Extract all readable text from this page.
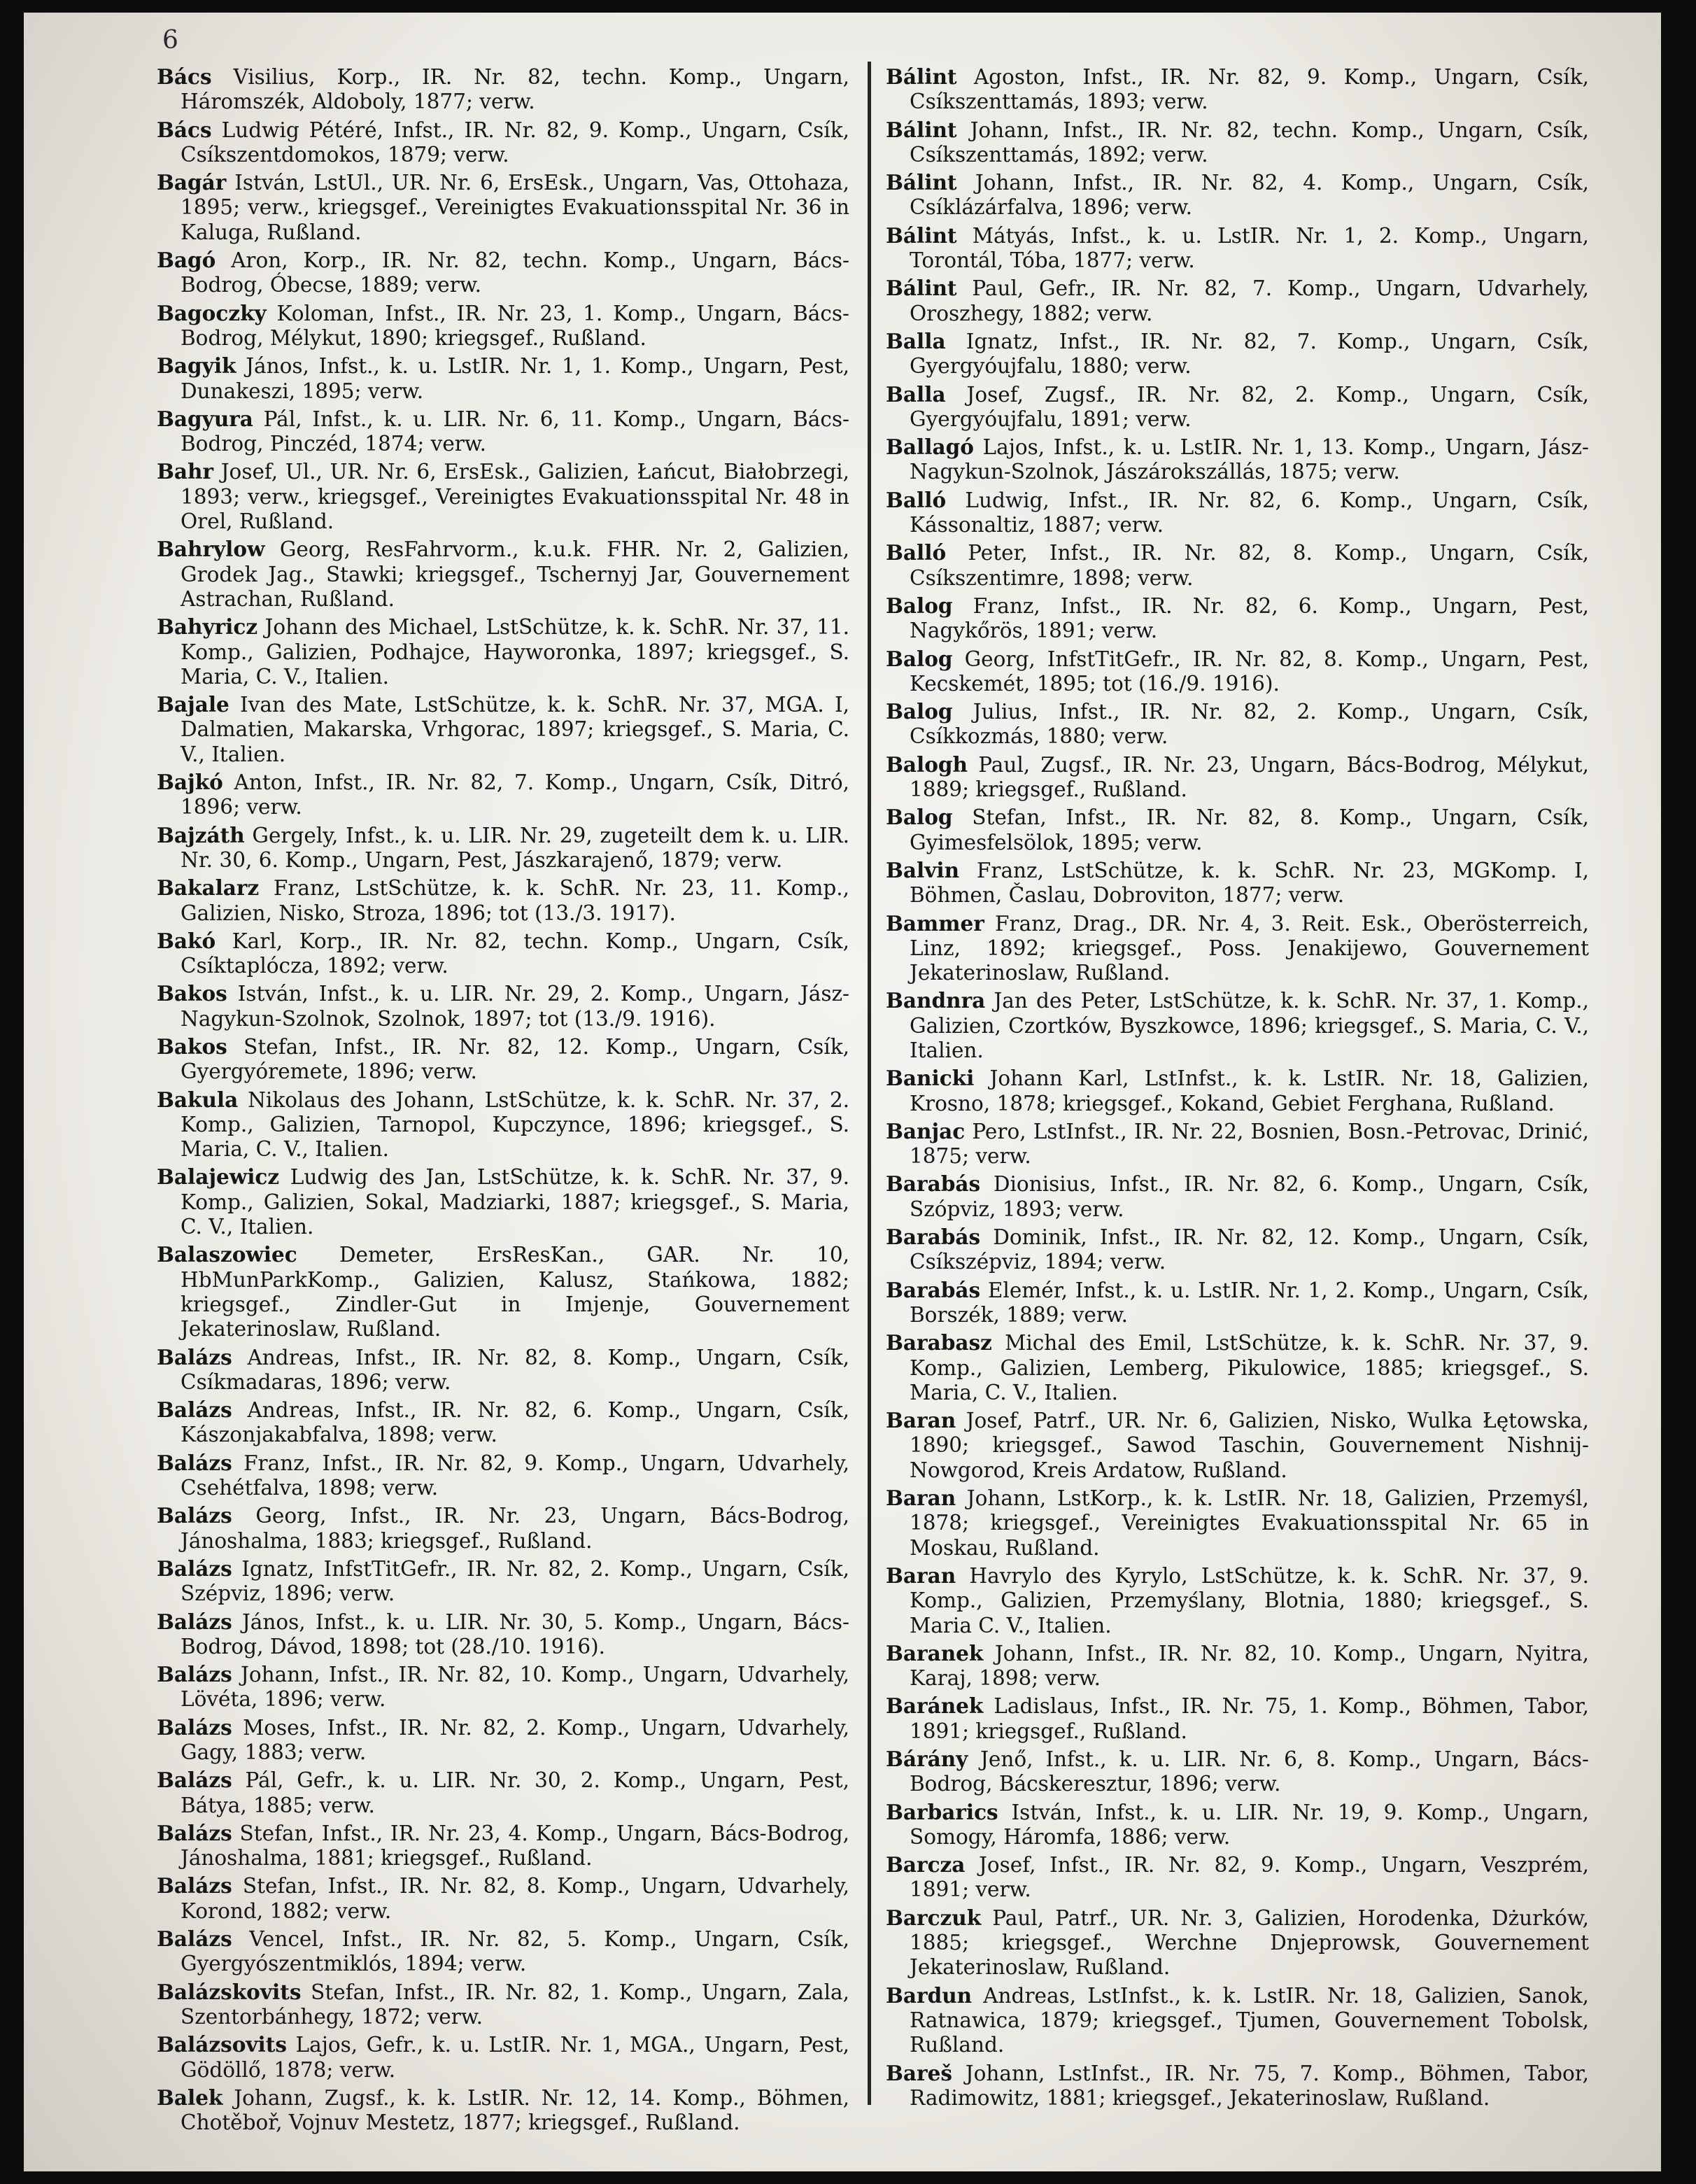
6

Bács Visilius, Korp., IR. Nr. 82, techn. Komp., Ungarn, Háromszék, Aldoboly, 1877; verw.

Bács Ludwig Pétéré, Infst., IR. Nr. 82, 9. Komp., Ungarn, Csík, Csíkszentdomokos, 1879; verw.

Bagár István, LstUl., UR. Nr. 6, ErsEsk., Ungarn, Vas, Ottohaza, 1895; verw., kriegsgef., Vereinigtes Evakuationsspital Nr. 36 in Kaluga, Rußland.

Bagó Aron, Korp., IR. Nr. 82, techn. Komp., Ungarn, Bács-Bodrog, Óbecse, 1889; verw.

Bagoczky Koloman, Infst., IR. Nr. 23, 1. Komp., Ungarn, Bács-Bodrog, Mélykut, 1890; kriegsgef., Rußland.

Bagyik János, Infst., k. u. LstIR. Nr. 1, 1. Komp., Ungarn, Pest, Dunakeszi, 1895; verw.

Bagyura Pál, Infst., k. u. LIR. Nr. 6, 11. Komp., Ungarn, Bács-Bodrog, Pinczéd, 1874; verw.

Bahr Josef, Ul., UR. Nr. 6, ErsEsk., Galizien, Łańcut, Białobrzegi, 1893; verw., kriegsgef., Vereinigtes Evakuationsspital Nr. 48 in Orel, Rußland.

Bahrylow Georg, ResFahrvorm., k.u.k. FHR. Nr. 2, Galizien, Grodek Jag., Stawki; kriegsgef., Tschernyj Jar, Gouvernement Astrachan, Rußland.

Bahyricz Johann des Michael, LstSchütze, k. k. SchR. Nr. 37, 11. Komp., Galizien, Podhajce, Hayworonka, 1897; kriegsgef., S. Maria, C. V., Italien.

Bajale Ivan des Mate, LstSchütze, k. k. SchR. Nr. 37, MGA. I, Dalmatien, Makarska, Vrhgorac, 1897; kriegsgef., S. Maria, C. V., Italien.

Bajkó Anton, Infst., IR. Nr. 82, 7. Komp., Ungarn, Csík, Ditró, 1896; verw.

Bajzáth Gergely, Infst., k. u. LIR. Nr. 29, zugeteilt dem k. u. LIR. Nr. 30, 6. Komp., Ungarn, Pest, Jászkarajenő, 1879; verw.

Bakalarz Franz, LstSchütze, k. k. SchR. Nr. 23, 11. Komp., Galizien, Nisko, Stroza, 1896; tot (13./3. 1917).

Bakó Karl, Korp., IR. Nr. 82, techn. Komp., Ungarn, Csík, Csíktaplócza, 1892; verw.

Bakos István, Infst., k. u. LIR. Nr. 29, 2. Komp., Ungarn, Jász-Nagykun-Szolnok, Szolnok, 1897; tot (13./9. 1916).

Bakos Stefan, Infst., IR. Nr. 82, 12. Komp., Ungarn, Csík, Gyergyóremete, 1896; verw.

Bakula Nikolaus des Johann, LstSchütze, k. k. SchR. Nr. 37, 2. Komp., Galizien, Tarnopol, Kupczynce, 1896; kriegsgef., S. Maria, C. V., Italien.

Balajewicz Ludwig des Jan, LstSchütze, k. k. SchR. Nr. 37, 9. Komp., Galizien, Sokal, Madziarki, 1887; kriegsgef., S. Maria, C. V., Italien.

Balaszowiec Demeter, ErsResKan., GAR. Nr. 10, HbMunParkKomp., Galizien, Kalusz, Stańkowa, 1882; kriegsgef., Zindler-Gut in Imjenje, Gouvernement Jekaterinoslaw, Rußland.

Balázs Andreas, Infst., IR. Nr. 82, 8. Komp., Ungarn, Csík, Csíkmadaras, 1896; verw.

Balázs Andreas, Infst., IR. Nr. 82, 6. Komp., Ungarn, Csík, Kászonjakabfalva, 1898; verw.

Balázs Franz, Infst., IR. Nr. 82, 9. Komp., Ungarn, Udvarhely, Csehétfalva, 1898; verw.

Balázs Georg, Infst., IR. Nr. 23, Ungarn, Bács-Bodrog, Jánoshalma, 1883; kriegsgef., Rußland.

Balázs Ignatz, InfstTitGefr., IR. Nr. 82, 2. Komp., Ungarn, Csík, Szépviz, 1896; verw.

Balázs János, Infst., k. u. LIR. Nr. 30, 5. Komp., Ungarn, Bács-Bodrog, Dávod, 1898; tot (28./10. 1916).

Balázs Johann, Infst., IR. Nr. 82, 10. Komp., Ungarn, Udvarhely, Lövéta, 1896; verw.

Balázs Moses, Infst., IR. Nr. 82, 2. Komp., Ungarn, Udvarhely, Gagy, 1883; verw.

Balázs Pál, Gefr., k. u. LIR. Nr. 30, 2. Komp., Ungarn, Pest, Bátya, 1885; verw.

Balázs Stefan, Infst., IR. Nr. 23, 4. Komp., Ungarn, Bács-Bodrog, Jánoshalma, 1881; kriegsgef., Rußland.

Balázs Stefan, Infst., IR. Nr. 82, 8. Komp., Ungarn, Udvarhely, Korond, 1882; verw.

Balázs Vencel, Infst., IR. Nr. 82, 5. Komp., Ungarn, Csík, Gyergyószentmiklós, 1894; verw.

Balázskovits Stefan, Infst., IR. Nr. 82, 1. Komp., Ungarn, Zala, Szentorbánhegy, 1872; verw.

Balázsovits Lajos, Gefr., k. u. LstIR. Nr. 1, MGA., Ungarn, Pest, Gödöllő, 1878; verw.

Balek Johann, Zugsf., k. k. LstIR. Nr. 12, 14. Komp., Böhmen, Chotěboř, Vojnuv Mestetz, 1877; kriegsgef., Rußland.

Bálint Agoston, Infst., IR. Nr. 82, 9. Komp., Ungarn, Csík, Csíkszenttamás, 1893; verw.

Bálint Johann, Infst., IR. Nr. 82, techn. Komp., Ungarn, Csík, Csíkszenttamás, 1892; verw.

Bálint Johann, Infst., IR. Nr. 82, 4. Komp., Ungarn, Csík, Csíklázárfalva, 1896; verw.

Bálint Mátyás, Infst., k. u. LstIR. Nr. 1, 2. Komp., Ungarn, Torontál, Tóba, 1877; verw.

Bálint Paul, Gefr., IR. Nr. 82, 7. Komp., Ungarn, Udvarhely, Oroszhegy, 1882; verw.

Balla Ignatz, Infst., IR. Nr. 82, 7. Komp., Ungarn, Csík, Gyergyóujfalu, 1880; verw.

Balla Josef, Zugsf., IR. Nr. 82, 2. Komp., Ungarn, Csík, Gyergyóujfalu, 1891; verw.

Ballagó Lajos, Infst., k. u. LstIR. Nr. 1, 13. Komp., Ungarn, Jász-Nagykun-Szolnok, Jászárokszállás, 1875; verw.

Balló Ludwig, Infst., IR. Nr. 82, 6. Komp., Ungarn, Csík, Kássonaltiz, 1887; verw.

Balló Peter, Infst., IR. Nr. 82, 8. Komp., Ungarn, Csík, Csíkszentimre, 1898; verw.

Balog Franz, Infst., IR. Nr. 82, 6. Komp., Ungarn, Pest, Nagykőrös, 1891; verw.

Balog Georg, InfstTitGefr., IR. Nr. 82, 8. Komp., Ungarn, Pest, Kecskemét, 1895; tot (16./9. 1916).

Balog Julius, Infst., IR. Nr. 82, 2. Komp., Ungarn, Csík, Csíkkozmás, 1880; verw.

Balogh Paul, Zugsf., IR. Nr. 23, Ungarn, Bács-Bodrog, Mélykut, 1889; kriegsgef., Rußland.

Balog Stefan, Infst., IR. Nr. 82, 8. Komp., Ungarn, Csík, Gyimesfelsölok, 1895; verw.

Balvin Franz, LstSchütze, k. k. SchR. Nr. 23, MGKomp. I, Böhmen, Časlau, Dobroviton, 1877; verw.

Bammer Franz, Drag., DR. Nr. 4, 3. Reit. Esk., Oberösterreich, Linz, 1892; kriegsgef., Poss. Jenakijewo, Gouvernement Jekaterinoslaw, Rußland.

Bandnra Jan des Peter, LstSchütze, k. k. SchR. Nr. 37, 1. Komp., Galizien, Czortków, Byszkowce, 1896; kriegsgef., S. Maria, C. V., Italien.

Banicki Johann Karl, LstInfst., k. k. LstIR. Nr. 18, Galizien, Krosno, 1878; kriegsgef., Kokand, Gebiet Ferghana, Rußland.

Banjac Pero, LstInfst., IR. Nr. 22, Bosnien, Bosn.-Petrovac, Drinić, 1875; verw.

Barabás Dionisius, Infst., IR. Nr. 82, 6. Komp., Ungarn, Csík, Szópviz, 1893; verw.

Barabás Dominik, Infst., IR. Nr. 82, 12. Komp., Ungarn, Csík, Csíkszépviz, 1894; verw.

Barabás Elemér, Infst., k. u. LstIR. Nr. 1, 2. Komp., Ungarn, Csík, Borszék, 1889; verw.

Barabasz Michal des Emil, LstSchütze, k. k. SchR. Nr. 37, 9. Komp., Galizien, Lemberg, Pikulowice, 1885; kriegsgef., S. Maria, C. V., Italien.

Baran Josef, Patrf., UR. Nr. 6, Galizien, Nisko, Wulka Łętowska, 1890; kriegsgef., Sawod Taschin, Gouvernement Nishnij-Nowgorod, Kreis Ardatow, Rußland.

Baran Johann, LstKorp., k. k. LstIR. Nr. 18, Galizien, Przemyśl, 1878; kriegsgef., Vereinigtes Evakuationsspital Nr. 65 in Moskau, Rußland.

Baran Havrylo des Kyrylo, LstSchütze, k. k. SchR. Nr. 37, 9. Komp., Galizien, Przemyślany, Blotnia, 1880; kriegsgef., S. Maria C. V., Italien.

Baranek Johann, Infst., IR. Nr. 82, 10. Komp., Ungarn, Nyitra, Karaj, 1898; verw.

Baránek Ladislaus, Infst., IR. Nr. 75, 1. Komp., Böhmen, Tabor, 1891; kriegsgef., Rußland.

Bárány Jenő, Infst., k. u. LIR. Nr. 6, 8. Komp., Ungarn, Bács-Bodrog, Bácskeresztur, 1896; verw.

Barbarics István, Infst., k. u. LIR. Nr. 19, 9. Komp., Ungarn, Somogy, Háromfa, 1886; verw.

Barcza Josef, Infst., IR. Nr. 82, 9. Komp., Ungarn, Veszprém, 1891; verw.

Barczuk Paul, Patrf., UR. Nr. 3, Galizien, Horodenka, Dżurków, 1885; kriegsgef., Werchne Dnjeprowsk, Gouvernement Jekaterinoslaw, Rußland.

Bardun Andreas, LstInfst., k. k. LstIR. Nr. 18, Galizien, Sanok, Ratnawica, 1879; kriegsgef., Tjumen, Gouvernement Tobolsk, Rußland.

Bareš Johann, LstInfst., IR. Nr. 75, 7. Komp., Böhmen, Tabor, Radimowitz, 1881; kriegsgef., Jekaterinoslaw, Rußland.
